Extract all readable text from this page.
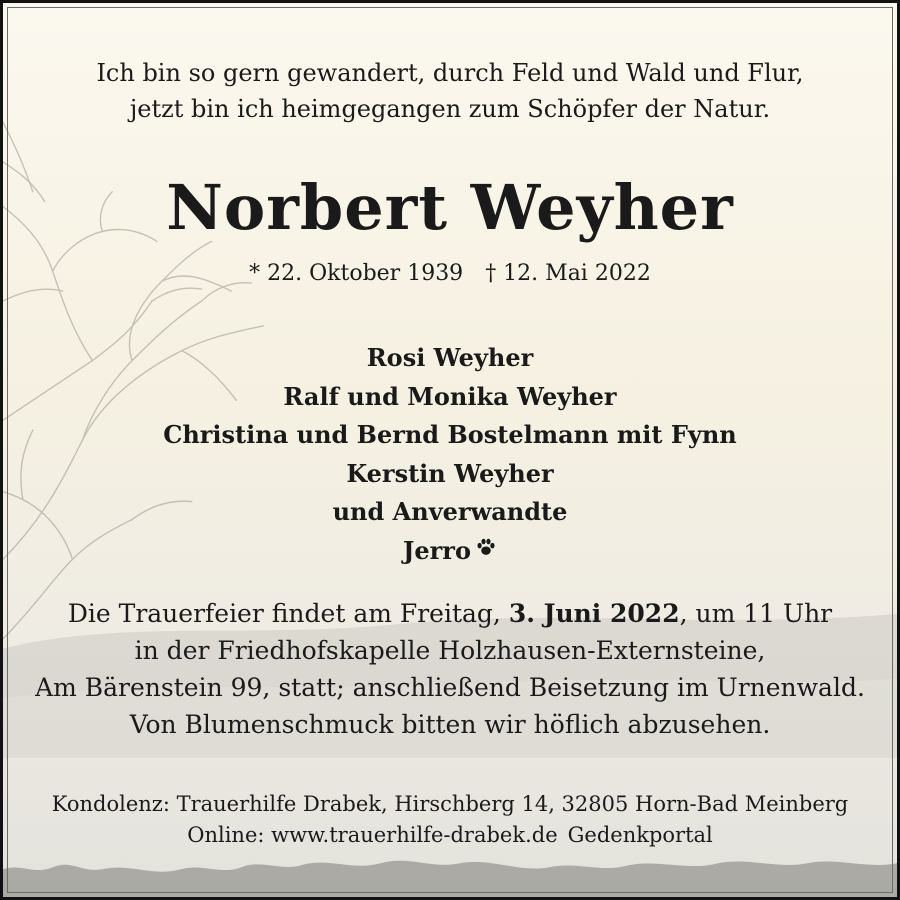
Ich bin so gern gewandert, durch Feld und Wald und Flur,
jetzt bin ich heimgegangen zum Schöpfer der Natur.
Norbert Weyher
* 22. Oktober 1939 † 12. Mai 2022
Rosi Weyher
Ralf und Monika Weyher
Christina und Bernd Bostelmann mit Fynn
Kerstin Weyher
und Anverwandte
Jerro
Die Trauerfeier findet am Freitag, 3. Juni 2022, um 11 Uhr
in der Friedhofskapelle Holzhausen-Externsteine,
Am Bärenstein 99, statt; anschließend Beisetzung im Urnenwald.
Von Blumenschmuck bitten wir höflich abzusehen.
Kondolenz: Trauerhilfe Drabek, Hirschberg 14, 32805 Horn-Bad Meinberg
Online: www.trauerhilfe-drabek.de Gedenkportal
